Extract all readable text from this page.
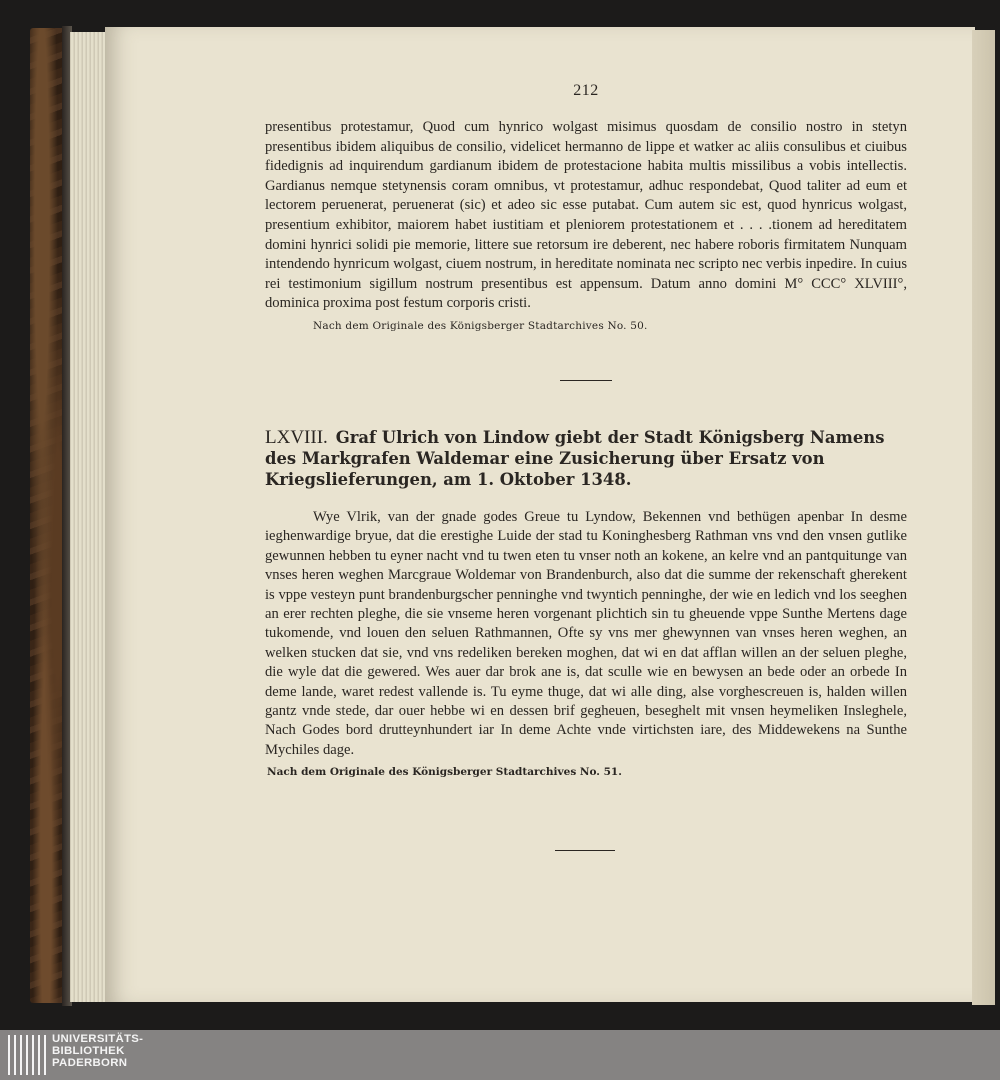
212

presentibus protestamur, Quod cum hynrico wolgast misimus quosdam de consilio nostro in stetyn presentibus ibidem aliquibus de consilio, videlicet hermanno de lippe et watker ac aliis consulibus et ciuibus fidedignis ad inquirendum gardianum ibidem de protestacione habita multis missilibus a vobis intellectis. Gardianus nemque stetynensis coram omnibus, vt protestamur, adhuc respondebat, Quod taliter ad eum et lectorem peruenerat, peruenerat (sic) et adeo sic esse putabat. Cum autem sic est, quod hynricus wolgast, presentium exhibitor, maiorem habet iustitiam et pleniorem protestationem et . . . .tionem ad hereditatem domini hynrici solidi pie memorie, littere sue retorsum ire deberent, nec habere roboris firmitatem Nunquam intendendo hynricum wolgast, ciuem nostrum, in hereditate nominata nec scripto nec verbis inpedire. In cuius rei testimonium sigillum nostrum presentibus est appensum. Datum anno domini M° CCC° XLVIII°, dominica proxima post festum corporis cristi.

Nach dem Originale des Königsberger Stadtarchives No. 50.
LXVIII. Graf Ulrich von Lindow giebt der Stadt Königsberg Namens des Markgrafen Waldemar eine Zusicherung über Ersatz von Kriegslieferungen, am 1. Oktober 1348.

Wye Vlrik, van der gnade godes Greue tu Lyndow, Bekennen vnd bethügen apenbar In desme ieghenwardige bryue, dat die erestighe Luide der stad tu Koninghesberg Rathman vns vnd den vnsen gutlike gewunnen hebben tu eyner nacht vnd tu twen eten tu vnser noth an kokene, an kelre vnd an pantquitunge van vnses heren weghen Marcgraue Woldemar von Brandenburch, also dat die summe der rekenschaft gherekent is vppe vesteyn punt brandenburgscher penninghe vnd twyntich penninghe, der wie en ledich vnd los seeghen an erer rechten pleghe, die sie vnseme heren vorgenant plichtich sin tu gheuende vppe Sunthe Mertens dage tukomende, vnd louen den seluen Rathmannen, Ofte sy vns mer ghewynnen van vnses heren weghen, an welken stucken dat sie, vnd vns redeliken bereken moghen, dat wi en dat afflan willen an der seluen pleghe, die wyle dat die gewered. Wes auer dar brok ane is, dat sculle wie en bewysen an bede oder an orbede In deme lande, waret redest vallende is. Tu eyme thuge, dat wi alle ding, alse vorghescreuen is, halden willen gantz vnde stede, dar ouer hebbe wi en dessen brif gegheuen, beseghelt mit vnsen heymeliken Insleghele, Nach Godes bord drutteynhundert iar In deme Achte vnde virtichsten iare, des Middewekens na Sunthe Mychiles dage.

Nach dem Originale des Königsberger Stadtarchives No. 51.
UNIVERSITÄTS-
BIBLIOTHEK
PADERBORN
